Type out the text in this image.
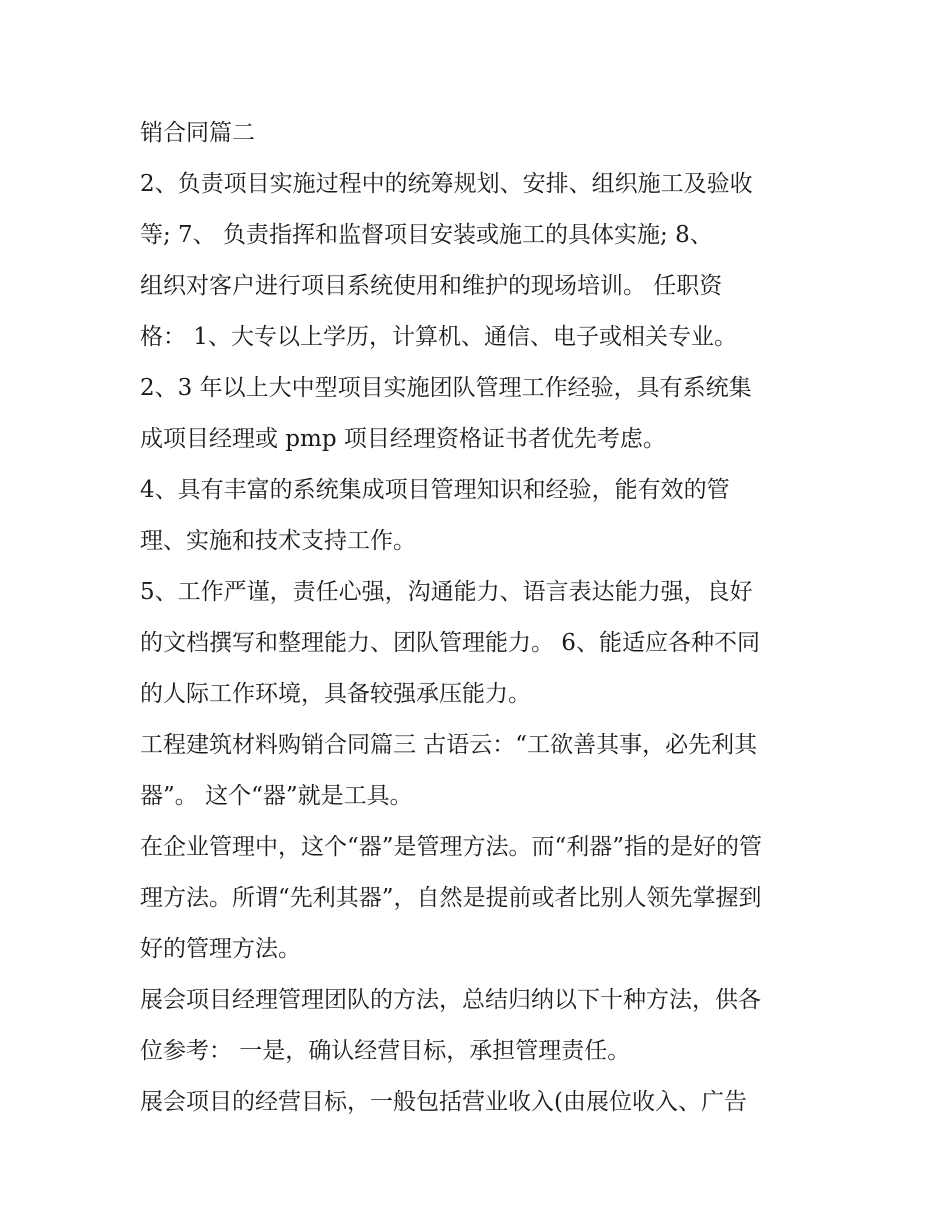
销合同篇二
2、负责项目实施过程中的统筹规划、安排、组织施工及验收
等; 7、 负责指挥和监督项目安装或施工的具体实施; 8、
组织对客户进行项目系统使用和维护的现场培训。 任职资
格： 1、大专以上学历，计算机、通信、电子或相关专业。
2、3 年以上大中型项目实施团队管理工作经验，具有系统集
成项目经理或 pmp 项目经理资格证书者优先考虑。
4、具有丰富的系统集成项目管理知识和经验，能有效的管
理、实施和技术支持工作。
5、工作严谨，责任心强，沟通能力、语言表达能力强，良好
的文档撰写和整理能力、团队管理能力。 6、能适应各种不同
的人际工作环境，具备较强承压能力。
工程建筑材料购销合同篇三 古语云：“工欲善其事，必先利其
器”。 这个“器”就是工具。
在企业管理中，这个“器”是管理方法。而“利器”指的是好的管
理方法。所谓“先利其器”，自然是提前或者比别人领先掌握到
好的管理方法。
展会项目经理管理团队的方法，总结归纳以下十种方法，供各
位参考： 一是，确认经营目标，承担管理责任。
展会项目的经营目标，一般包括营业收入(由展位收入、广告
